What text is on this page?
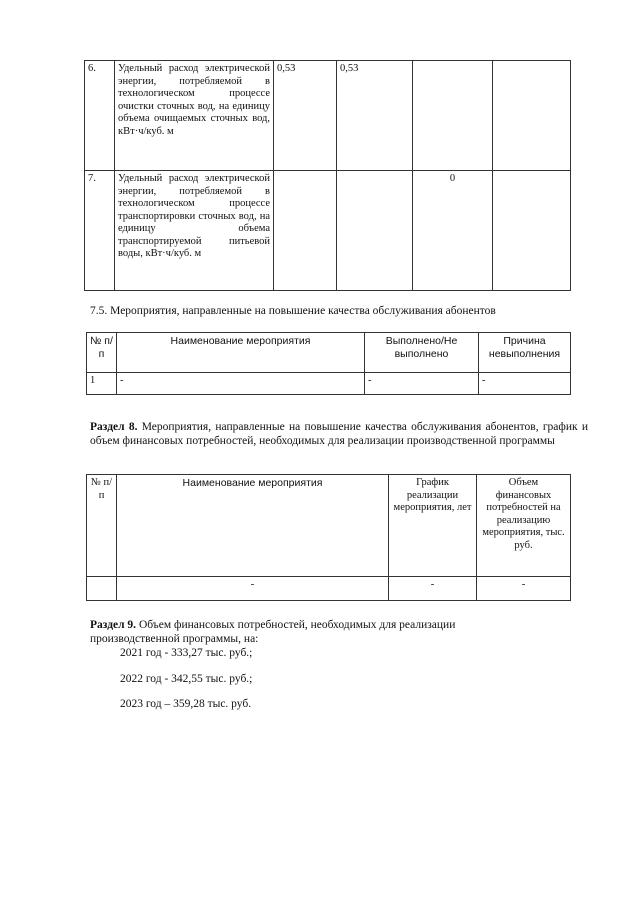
6.	Удельный расход электрической энергии, потребляемой в технологическом процессе очистки сточных вод, на единицу объема очищаемых сточных вод, кВт·ч/куб. м	0,53	0,53		
7.	Удельный расход электрической энергии, потребляемой в технологическом процессе транспортировки сточных вод, на единицу объема транспортируемой питьевой воды, кВт·ч/куб. м			0	
7.5. Мероприятия, направленные на повышение качества обслуживания абонентов
№ п/п	Наименование мероприятия	Выполнено/Не выполнено	Причина невыполнения
1	-	-	-
Раздел 8. Мероприятия, направленные на повышение качества обслуживания абонентов, график и объем финансовых потребностей, необходимых для реализации производственной программы
№ п/п	Наименование мероприятия	График реализации мероприятия, лет	Объем финансовых потребностей на реализацию мероприятия, тыс. руб.
	-	-	-
Раздел 9. Объем финансовых потребностей, необходимых для реализации производственной программы, на:
2021 год - 333,27 тыс. руб.;
2022 год - 342,55 тыс. руб.;
2023 год – 359,28 тыс. руб.
